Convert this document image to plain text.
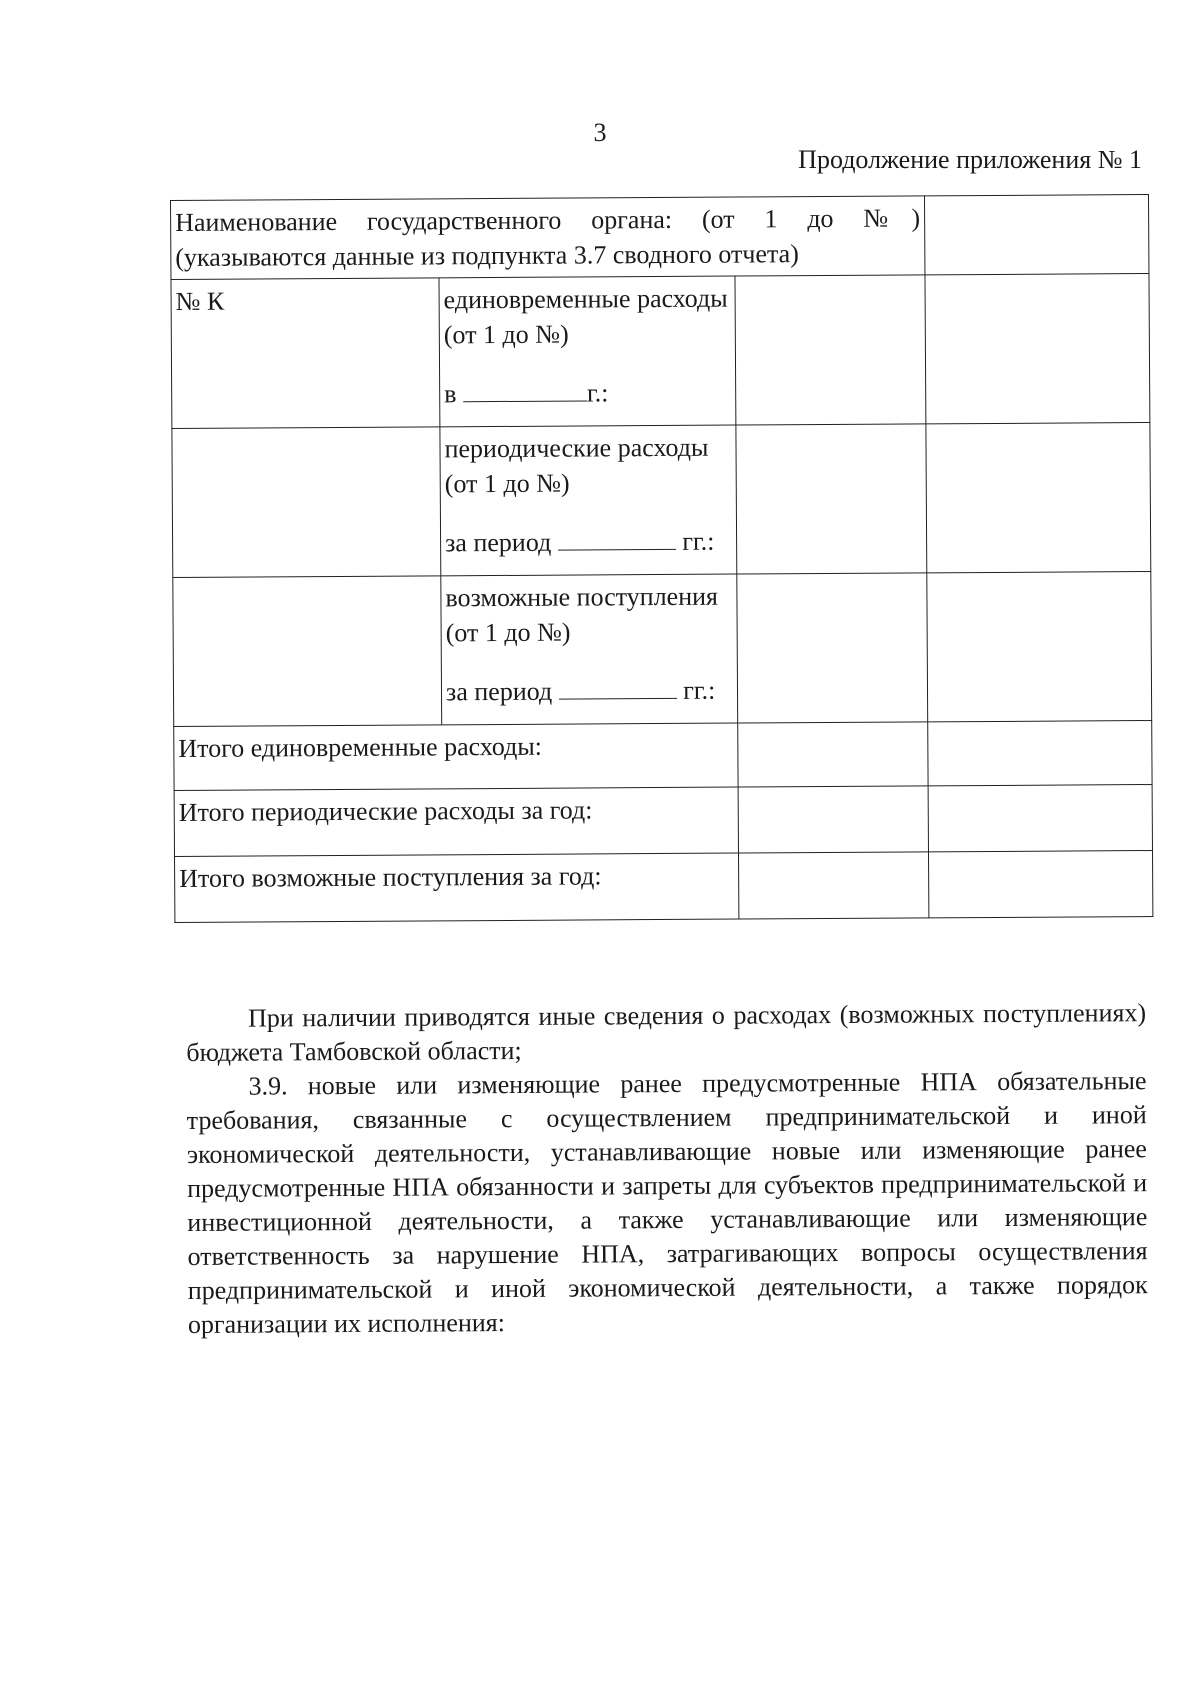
3
Продолжение приложения № 1
Наименование государственного органа: (от 1 до №)
(указываются данные из подпункта 3.7 сводного отчета)			

№ К	единовременные расходы
(от 1 до №)
в г.:		

	периодические расходы
(от 1 до №)
за период гг.:		

	возможные поступления
(от 1 до №)
за период гг.:		

Итого единовременные расходы:			
Итого периодические расходы за год:			
Итого возможные поступления за год:			

При наличии приводятся иные сведения о расходах (возможных поступлениях) бюджета Тамбовской области;

3.9. новые или изменяющие ранее предусмотренные НПА обязательные требования, связанные с осуществлением предпринимательской и иной экономической деятельности, устанавливающие новые или изменяющие ранее предусмотренные НПА обязанности и запреты для субъектов предпринимательской и инвестиционной деятельности, а также устанавливающие или изменяющие ответственность за нарушение НПА, затрагивающих вопросы осуществления предпринимательской и иной экономической деятельности, а также порядок организации их исполнения:
